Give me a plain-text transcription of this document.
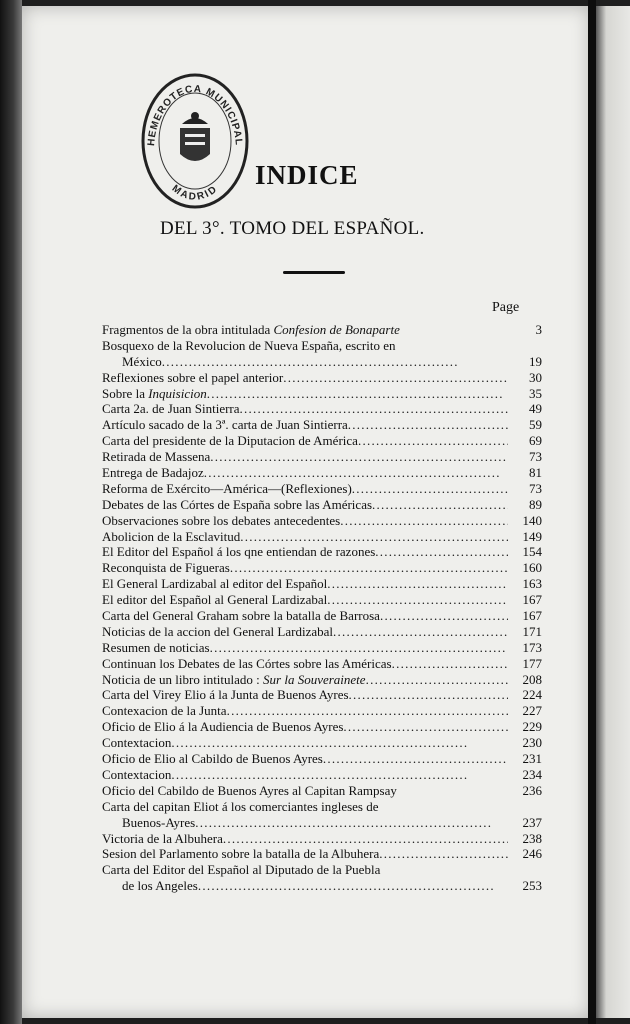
HEMEROTECA MUNICIPAL
MADRID
INDICE
DEL 3°. TOMO DEL ESPAÑOL.
Page
Fragmentos de la obra intitulada Confesion de Bonaparte	3
Bosquexo de la Revolucion de Nueva España, escrito en
México . . .	19
Reflexiones sobre el papel anterior . . .	30
Sobre la Inquisicion . . .	35
Carta 2a. de Juan Sintierra . . .	49
Artículo sacado de la 3ª. carta de Juan Sintierra . . .	59
Carta del presidente de la Diputacion de América . . .	69
Retirada de Massena . . .	73
Entrega de Badajoz . . .	81
Reforma de Exército—América—(Reflexiones) . . .	73
Debates de las Córtes de España sobre las Américas . . .	89
Observaciones sobre los debates antecedentes . . .	140
Abolicion de la Esclavitud . . .	149
El Editor del Español á los qne entiendan de razones . . .	154
Reconquista de Figueras . . .	160
El General Lardizabal al editor del Español . . .	163
El editor del Español al General Lardizabal . . .	167
Carta del General Graham sobre la batalla de Barrosa . . .	167
Noticias de la accion del General Lardizabal . . .	171
Resumen de noticias . . .	173
Continuan los Debates de las Córtes sobre las Américas . . .	177
Noticia de un libro intitulado : Sur la Souverainete . . .	208
Carta del Virey Elio á la Junta de Buenos Ayres . . .	224
Contexacion de la Junta . . .	227
Oficio de Elio á la Audiencia de Buenos Ayres . . .	229
Contextacion . . .	230
Oficio de Elio al Cabildo de Buenos Ayres . . .	231
Contextacion . . .	234
Oficio del Cabildo de Buenos Ayres al Capitan Rampsay	236
Carta del capitan Eliot á los comerciantes ingleses de
Buenos-Ayres . . .	237
Victoria de la Albuhera . . .	238
Sesion del Parlamento sobre la batalla de la Albuhera . . .	246
Carta del Editor del Español al Diputado de la Puebla
de los Angeles . . .	253
